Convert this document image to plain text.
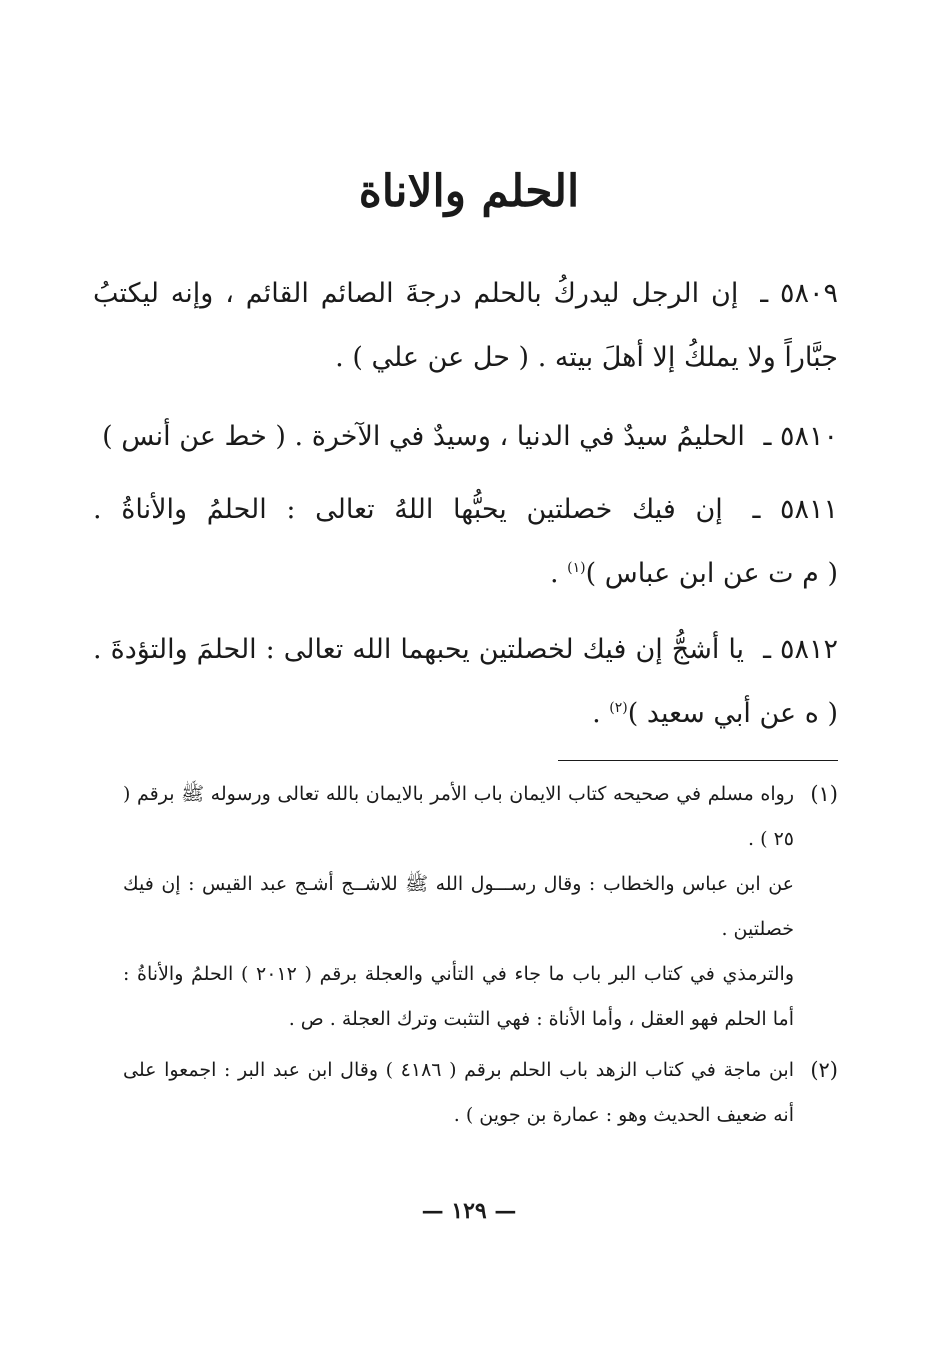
الحلم والاناة
٥٨٠٩ ـ إن الرجل ليدركُ بالحلم درجةَ الصائم القائم ، وإنه ليكتبُ جبَّاراً ولا يملكُ إلا أهلَ بيته . ( حل عن علي ) .
٥٨١٠ ـ الحليمُ سيدٌ في الدنيا ، وسيدٌ في الآخرة . ( خط عن أنس )
٥٨١١ ـ إن فيك خصلتين يحبُّها اللهُ تعالى : الحلمُ والأناةُ . ( م ت عن ابن عباس )$^{(١)}$ .
٥٨١٢ ـ يا أشجُّ إن فيك لخصلتين يحبهما الله تعالى : الحلمَ والتؤدةَ . ( ه عن أبي سعيد )$^{(٢)}$ .
(١)

رواه مسلم في صحيحه كتاب الايمان باب الأمر بالايمان بالله تعالى ورسوله ﷺ برقم ( ٢٥ ) .

عن ابن عباس والخطاب : وقال رســـول الله ﷺ للاشــج أشـج عبد القيس : إن فيك خصلتين .

والترمذي في كتاب البر باب ما جاء في التأني والعجلة برقم ( ٢٠١٢ ) الحلمُ والأناةُ : أما الحلم فهو العقل ، وأما الأناة : فهي التثبت وترك العجلة . ص .

(٢)

ابن ماجة في كتاب الزهد باب الحلم برقم ( ٤١٨٦ ) وقال ابن عبد البر : اجمعوا على أنه ضعيف الحديث وهو : عمارة بن جوين ) .

— ١٢٩ —
